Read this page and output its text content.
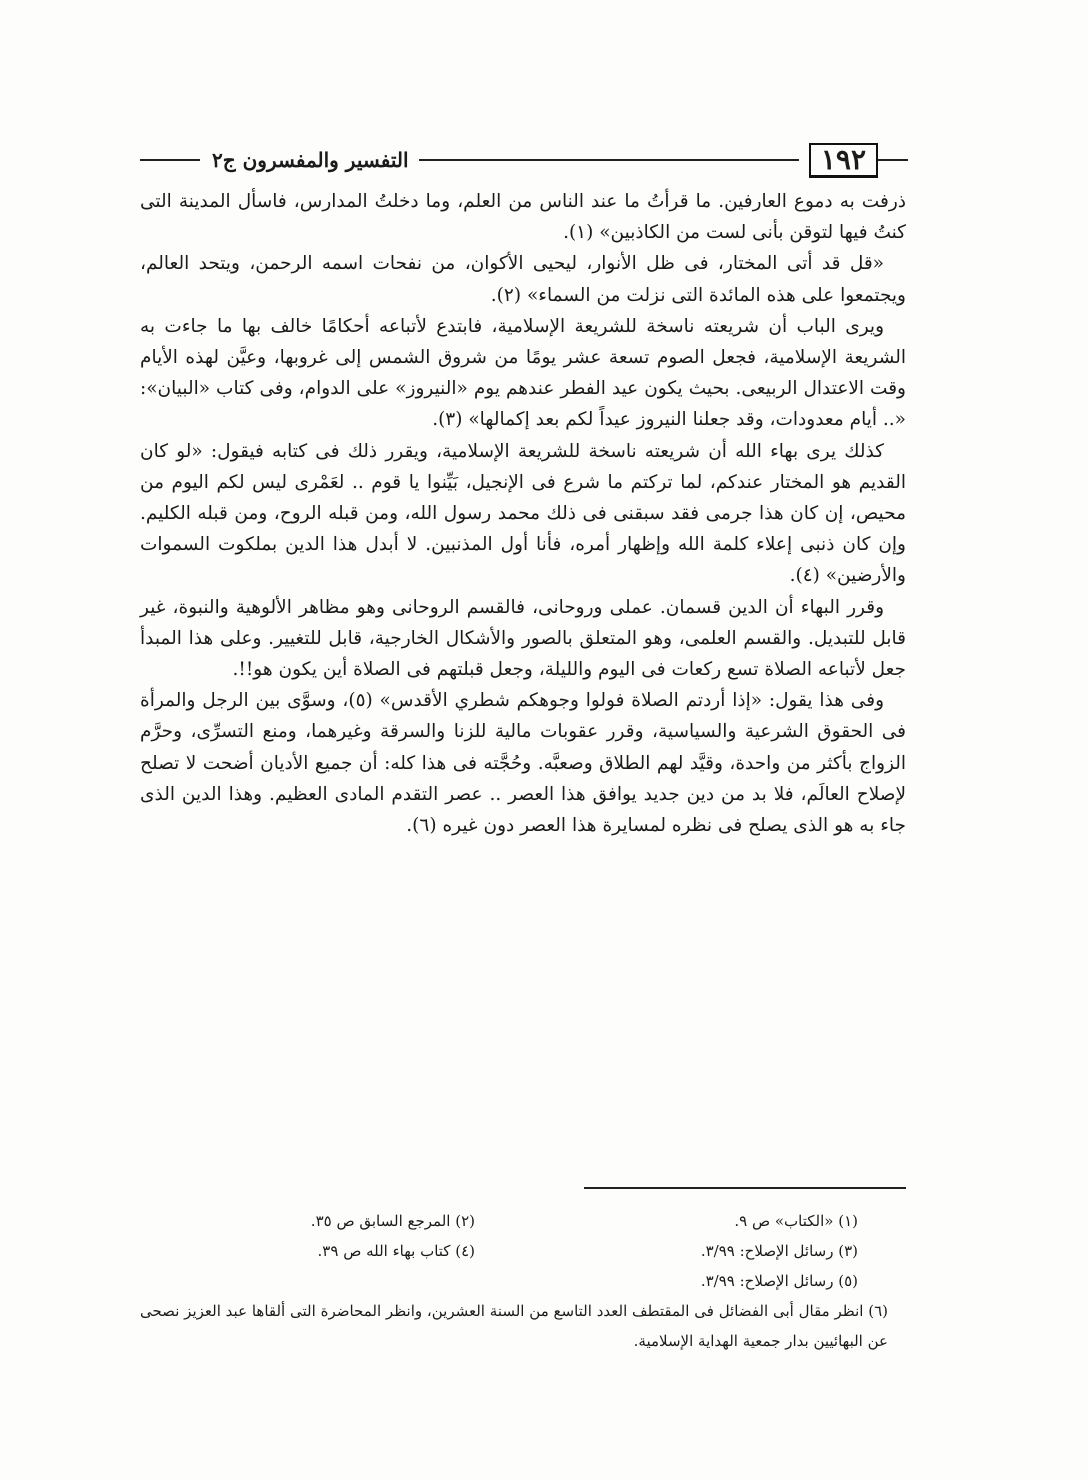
١٩٢
التفسير والمفسرون ج٢

ذرفت به دموع العارفين. ما قرأتُ ما عند الناس من العلم، وما دخلتُ المدارس، فاسأل المدينة التى كنتُ فيها لتوقن بأنى لست من الكاذبين» (١).

«قل قد أتى المختار، فى ظل الأنوار، ليحيى الأكوان، من نفحات اسمه الرحمن، ويتحد العالم، ويجتمعوا على هذه المائدة التى نزلت من السماء» (٢).

ويرى الباب أن شريعته ناسخة للشريعة الإسلامية، فابتدع لأتباعه أحكامًا خالف بها ما جاءت به الشريعة الإسلامية، فجعل الصوم تسعة عشر يومًا من شروق الشمس إلى غروبها، وعيَّن لهذه الأيام وقت الاعتدال الربيعى. بحيث يكون عيد الفطر عندهم يوم «النيروز» على الدوام، وفى كتاب «البيان»: «.. أيام معدودات، وقد جعلنا النيروز عيداً لكم بعد إكمالها» (٣).

كذلك يرى بهاء الله أن شريعته ناسخة للشريعة الإسلامية، ويقرر ذلك فى كتابه فيقول: «لو كان القديم هو المختار عندكم، لما تركتم ما شرع فى الإنجيل، بَيِّنوا يا قوم .. لعَمْرى ليس لكم اليوم من محيص، إن كان هذا جرمى فقد سبقنى فى ذلك محمد رسول الله، ومن قبله الروح، ومن قبله الكليم. وإن كان ذنبى إعلاء كلمة الله وإظهار أمره، فأنا أول المذنبين. لا أبدل هذا الدين بملكوت السموات والأرضين» (٤).

وقرر البهاء أن الدين قسمان. عملى وروحانى، فالقسم الروحانى وهو مظاهر الألوهية والنبوة، غير قابل للتبديل. والقسم العلمى، وهو المتعلق بالصور والأشكال الخارجية، قابل للتغيير. وعلى هذا المبدأ جعل لأتباعه الصلاة تسع ركعات فى اليوم والليلة، وجعل قبلتهم فى الصلاة أين يكون هو!!.

وفى هذا يقول: «إذا أردتم الصلاة فولوا وجوهكم شطري الأقدس» (٥)، وسوَّى بين الرجل والمرأة فى الحقوق الشرعية والسياسية، وقرر عقوبات مالية للزنا والسرقة وغيرهما، ومنع التسرِّى، وحرَّم الزواج بأكثر من واحدة، وقيَّد لهم الطلاق وصعبَّه. وحُجَّته فى هذا كله: أن جميع الأديان أضحت لا تصلح لإصلاح العالَم، فلا بد من دين جديد يوافق هذا العصر .. عصر التقدم المادى العظيم. وهذا الدين الذى جاء به هو الذى يصلح فى نظره لمسايرة هذا العصر دون غيره (٦).

(١) «الكتاب» ص ٩.
(٢) المرجع السابق ص ٣٥.
(٣) رسائل الإصلاح: ٣/٩٩.
(٤) كتاب بهاء الله ص ٣٩.
(٥) رسائل الإصلاح: ٣/٩٩.
(٦) انظر مقال أبى الفضائل فى المقتطف العدد التاسع من السنة العشرين، وانظر المحاضرة التى ألقاها عبد العزيز نصحى عن البهائيين بدار جمعية الهداية الإسلامية.
